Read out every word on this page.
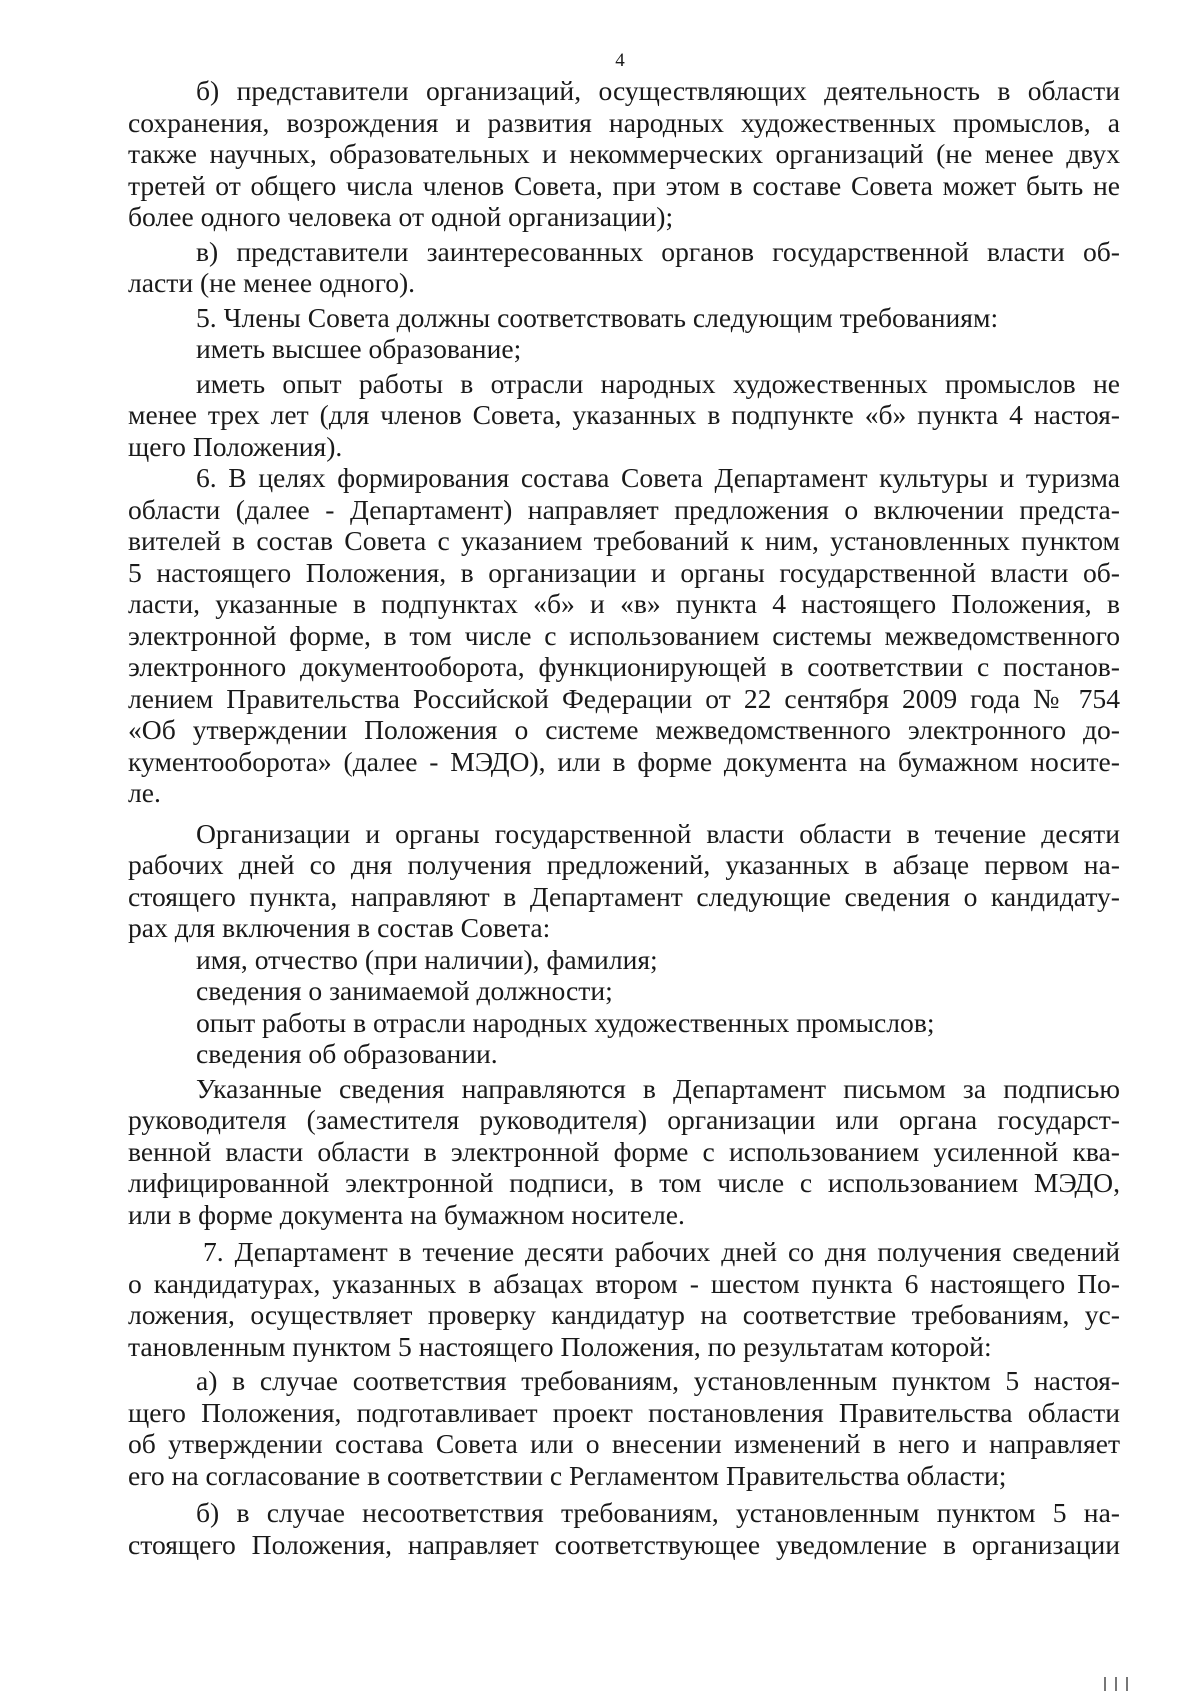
4
б) представители организаций, осуществляющих деятельность в области
сохранения, возрождения и развития народных художественных промыслов, а
также научных, образовательных и некоммерческих организаций (не менее двух
третей от общего числа членов Совета, при этом в составе Совета может быть не
более одного человека от одной организации);
в) представители заинтересованных органов государственной власти об-
ласти (не менее одного).
5. Члены Совета должны соответствовать следующим требованиям:
иметь высшее образование;
иметь опыт работы в отрасли народных художественных промыслов не
менее трех лет (для членов Совета, указанных в подпункте «б» пункта 4 настоя-
щего Положения).
6. В целях формирования состава Совета Департамент культуры и туризма
области (далее - Департамент) направляет предложения о включении предста-
вителей в состав Совета с указанием требований к ним, установленных пунктом
5 настоящего Положения, в организации и органы государственной власти об-
ласти, указанные в подпунктах «б» и «в» пункта 4 настоящего Положения, в
электронной форме, в том числе с использованием системы межведомственного
электронного документооборота, функционирующей в соответствии с постанов-
лением Правительства Российской Федерации от 22 сентября 2009 года № 754
«Об утверждении Положения о системе межведомственного электронного до-
кументооборота» (далее - МЭДО), или в форме документа на бумажном носите-
ле.
Организации и органы государственной власти области в течение десяти
рабочих дней со дня получения предложений, указанных в абзаце первом на-
стоящего пункта, направляют в Департамент следующие сведения о кандидату-
рах для включения в состав Совета:
имя, отчество (при наличии), фамилия;
сведения о занимаемой должности;
опыт работы в отрасли народных художественных промыслов;
сведения об образовании.
Указанные сведения направляются в Департамент письмом за подписью
руководителя (заместителя руководителя) организации или органа государст-
венной власти области в электронной форме с использованием усиленной ква-
лифицированной электронной подписи, в том числе с использованием МЭДО,
или в форме документа на бумажном носителе.
7. Департамент в течение десяти рабочих дней со дня получения сведений
о кандидатурах, указанных в абзацах втором - шестом пункта 6 настоящего По-
ложения, осуществляет проверку кандидатур на соответствие требованиям, ус-
тановленным пунктом 5 настоящего Положения, по результатам которой:
а) в случае соответствия требованиям, установленным пунктом 5 настоя-
щего Положения, подготавливает проект постановления Правительства области
об утверждении состава Совета или о внесении изменений в него и направляет
его на согласование в соответствии с Регламентом Правительства области;
б) в случае несоответствия требованиям, установленным пунктом 5 на-
стоящего Положения, направляет соответствующее уведомление в организации
